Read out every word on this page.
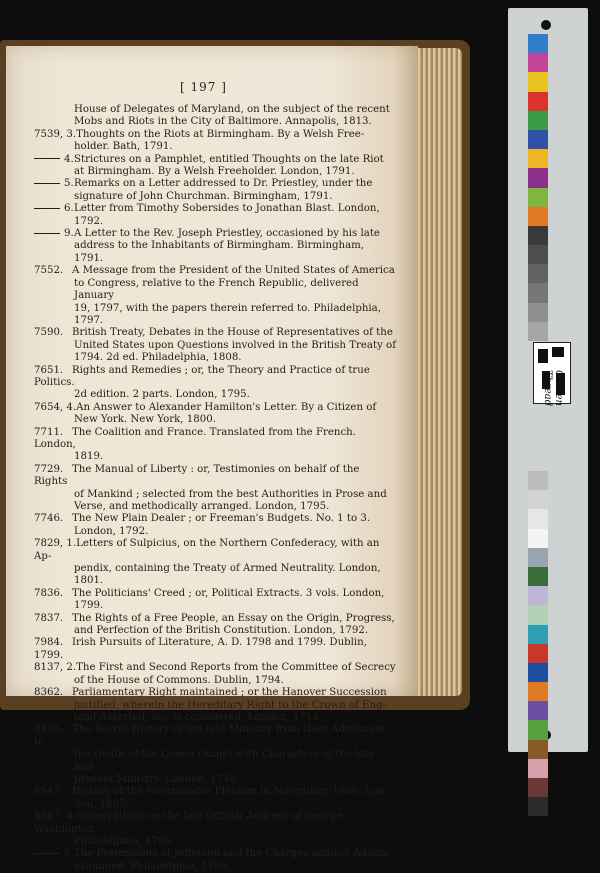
[ 197 ]
House of Delegates of Maryland, on the subject of the recent
Mobs and Riots in the City of Baltimore. Annapolis, 1813.
7539, 3.Thoughts on the Riots at Birmingham. By a Welsh Free-
holder. Bath, 1791.
4.Strictures on a Pamphlet, entitled Thoughts on the late Riot
at Birmingham. By a Welsh Freeholder. London, 1791.
5.Remarks on a Letter addressed to Dr. Priestley, under the
signature of John Churchman. Birmingham, 1791.
6.Letter from Timothy Sobersides to Jonathan Blast. London,
1792.
9.A Letter to the Rev. Joseph Priestley, occasioned by his late
address to the Inhabitants of Birmingham. Birmingham, 1791.
7552.A Message from the President of the United States of America
to Congress, relative to the French Republic, delivered January
19, 1797, with the papers therein referred to. Philadelphia,
1797.
7590.British Treaty, Debates in the House of Representatives of the
United States upon Questions involved in the British Treaty of
1794. 2d ed. Philadelphia, 1808.
7651.Rights and Remedies ; or, the Theory and Practice of true Politics.
2d edition. 2 parts. London, 1795.
7654, 4.An Answer to Alexander Hamilton's Letter. By a Citizen of
New York. New York, 1800.
7711.The Coalition and France. Translated from the French. London,
1819.
7729.The Manual of Liberty : or, Testimonies on behalf of the Rights
of Mankind ; selected from the best Authorities in Prose and
Verse, and methodically arranged. London, 1795.
7746.The New Plain Dealer ; or Freeman's Budgets. No. 1 to 3.
London, 1792.
7829, 1.Letters of Sulpicius, on the Northern Confederacy, with an Ap-
pendix, containing the Treaty of Armed Neutrality. London,
1801.
7836.The Politicians' Creed ; or, Political Extracts. 3 vols. London,
1799.
7837.The Rights of a Free People, an Essay on the Origin, Progress,
and Perfection of the British Constitution. London, 1792.
7984.Irish Pursuits of Literature, A. D. 1798 and 1799. Dublin, 1799.
8137, 2.The First and Second Reports from the Committee of Secrecy
of the House of Commons. Dublin, 1794.
8362.Parliamentary Right maintained ; or the Hanover Succession
justified, wherein the Hereditary Right to the Crown of Eng-
land Asserted, &c. is considered. London, 1714.
8495.The Secret History of the late Ministry from their Admission to
the Death of the Queen (Anne) with Characters of the late and
present Ministry. London, 1718.
8547.History of the Westminster Election in November, 1806. Lon-
don, 1807.
8587, 4.Observations on the late Official Address of George Washington.
Philadelphia, 1796.
5.The Pretensions of Jefferson and the Charges against Adams
examined. Philadelphia, 1796.
Golden Thread
